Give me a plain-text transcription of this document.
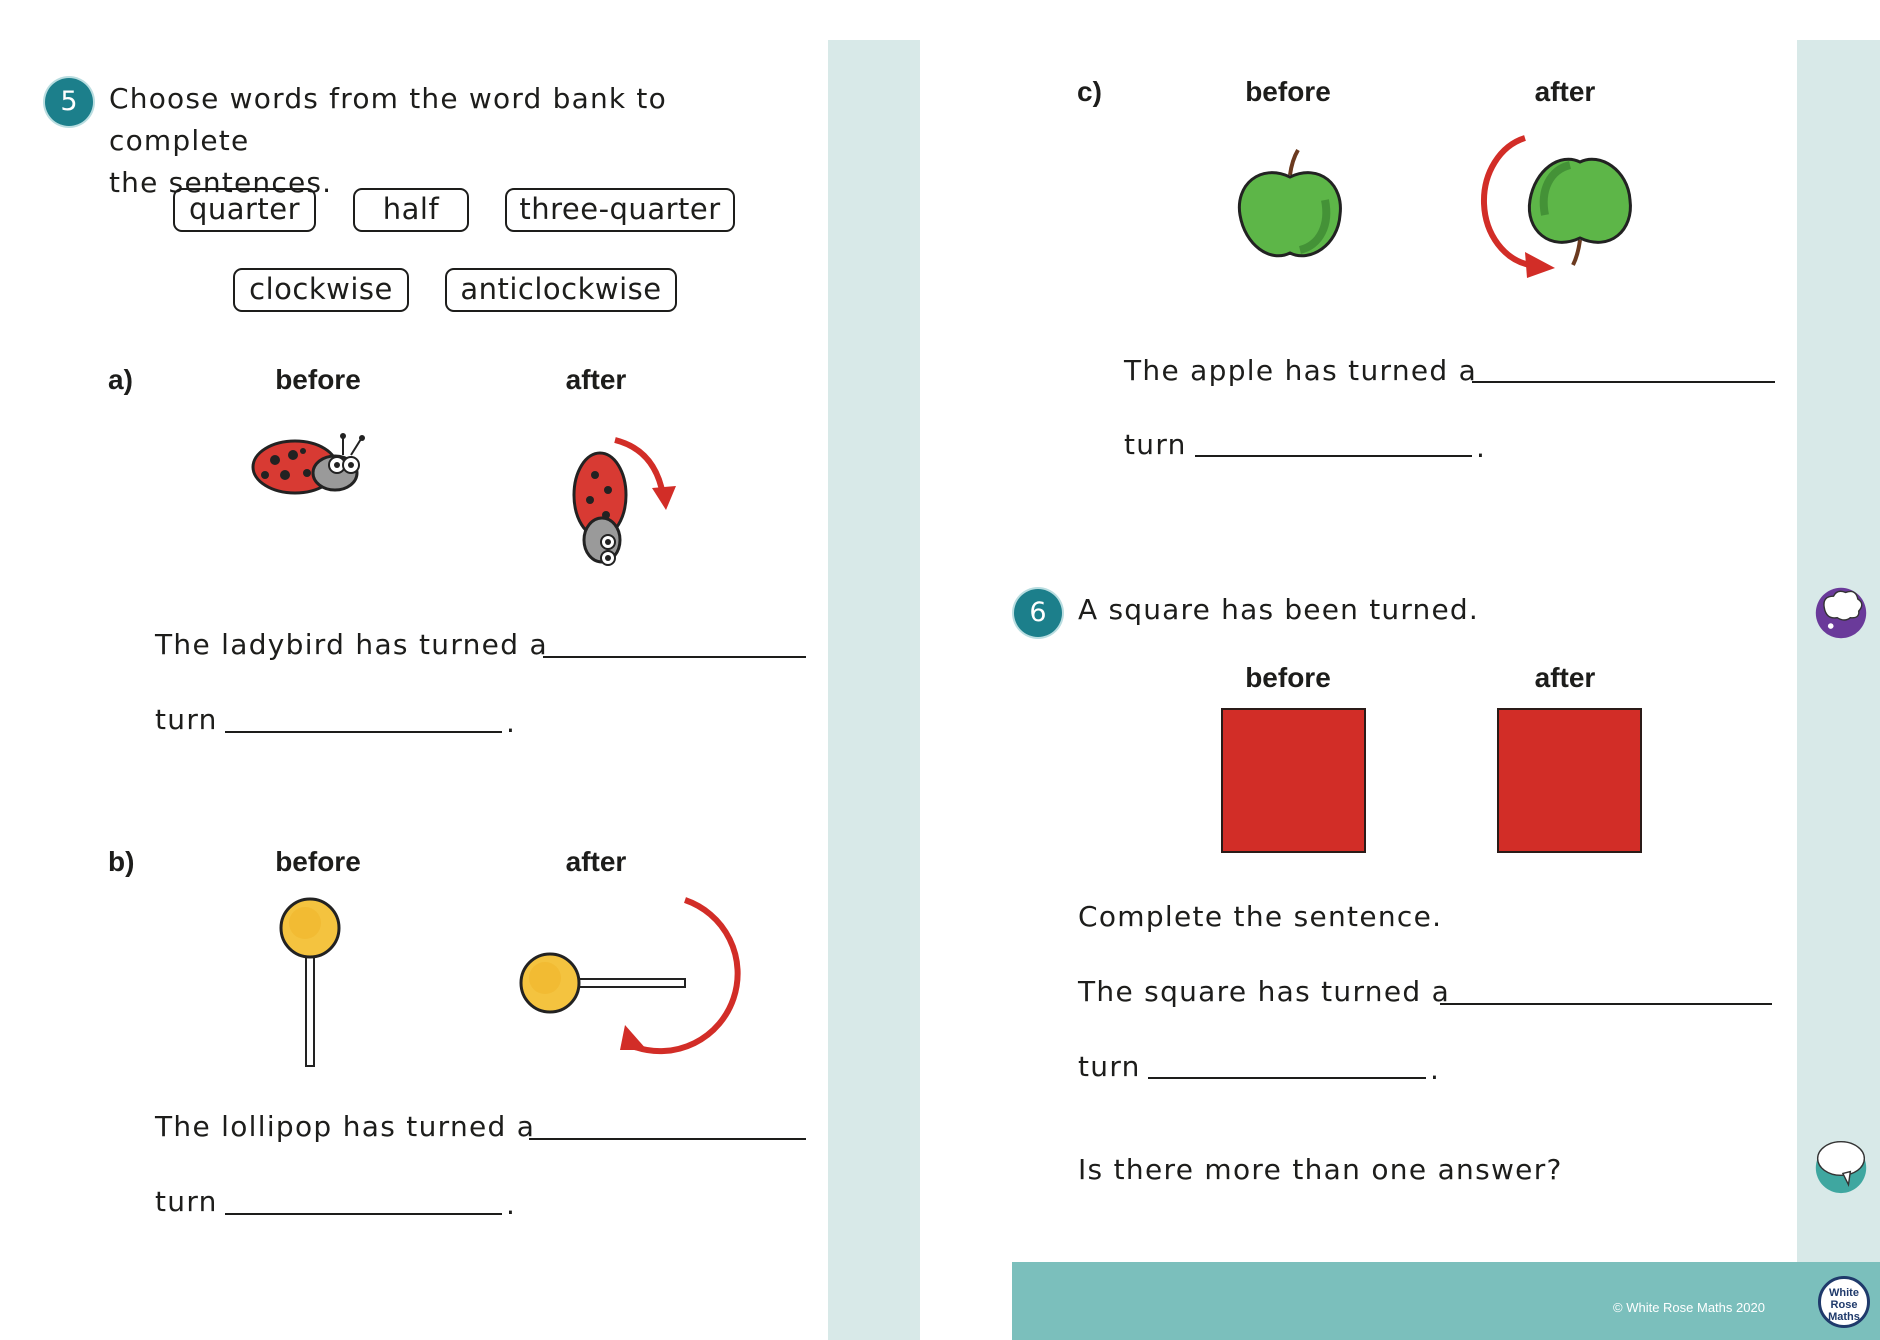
5	Choose words from the word bank to complete
the sentences.
quarter	half	three-quarter
clockwise	anticlockwise
a)	before	after
The ladybird has turned a
turn	.
b)	before	after
The lollipop has turned a
turn	.
c)	before	after
The apple has turned a
turn	.
6	A square has been turned.
before	after
Complete the sentence.
The square has turned a
turn	.
Is there more than one answer?
© White Rose Maths 2020
White
Rose
Maths
